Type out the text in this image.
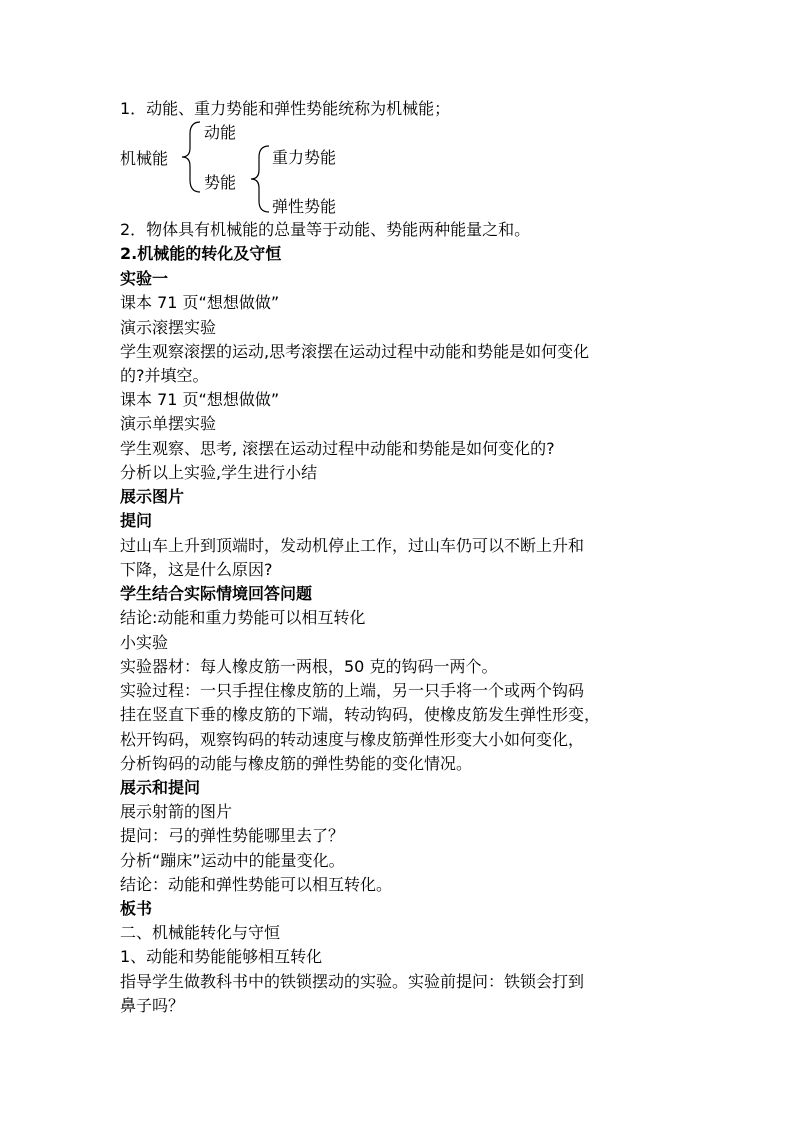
1．动能、重力势能和弹性势能统称为机械能；
机械能
动能
势能
重力势能
弹性势能
2．物体具有机械能的总量等于动能、势能两种能量之和。
2.机械能的转化及守恒
实验一
课本 71 页“想想做做”
演示滚摆实验
学生观察滚摆的运动,思考滚摆在运动过程中动能和势能是如何变化
的?并填空。
课本 71 页“想想做做”
演示单摆实验
学生观察、思考, 滚摆在运动过程中动能和势能是如何变化的?
分析以上实验,学生进行小结
展示图片
提问
过山车上升到顶端时，发动机停止工作，过山车仍可以不断上升和
下降，这是什么原因?
学生结合实际情境回答问题
结论:动能和重力势能可以相互转化
小实验
实验器材：每人橡皮筋一两根，50 克的钩码一两个。
实验过程：一只手捏住橡皮筋的上端，另一只手将一个或两个钩码
挂在竖直下垂的橡皮筋的下端，转动钩码，使橡皮筋发生弹性形变，
松开钩码，观察钩码的转动速度与橡皮筋弹性形变大小如何变化，
分析钩码的动能与橡皮筋的弹性势能的变化情况。
展示和提问
展示射箭的图片
提问：弓的弹性势能哪里去了？
分析“蹦床”运动中的能量变化。
结论：动能和弹性势能可以相互转化。
板书
二、机械能转化与守恒
1、动能和势能能够相互转化
指导学生做教科书中的铁锁摆动的实验。实验前提问：铁锁会打到
鼻子吗？
